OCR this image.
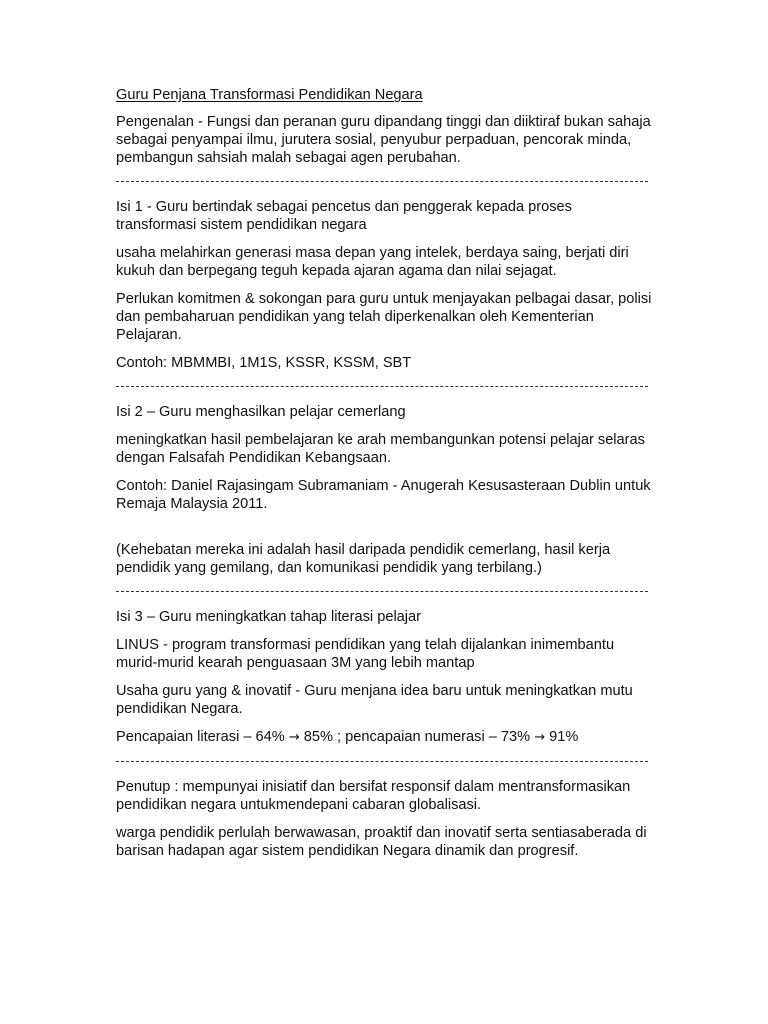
Guru Penjana Transformasi Pendidikan Negara

Pengenalan - Fungsi dan peranan guru dipandang tinggi dan diiktiraf bukan sahaja sebagai penyampai ilmu, jurutera sosial, penyubur perpaduan, pencorak minda, pembangun sahsiah malah sebagai agen perubahan.

Isi 1 - Guru bertindak sebagai pencetus dan penggerak kepada proses transformasi sistem pendidikan negara

usaha melahirkan generasi masa depan yang intelek, berdaya saing, berjati diri kukuh dan berpegang teguh kepada ajaran agama dan nilai sejagat.

Perlukan komitmen & sokongan para guru untuk menjayakan pelbagai dasar, polisi dan pembaharuan pendidikan yang telah diperkenalkan oleh Kementerian Pelajaran.

Contoh: MBMMBI, 1M1S, KSSR, KSSM, SBT

Isi 2 – Guru menghasilkan pelajar cemerlang

meningkatkan hasil pembelajaran ke arah membangunkan potensi pelajar selaras dengan Falsafah Pendidikan Kebangsaan.

Contoh: Daniel Rajasingam Subramaniam - Anugerah Kesusasteraan Dublin untuk Remaja Malaysia 2011.

(Kehebatan mereka ini adalah hasil daripada pendidik cemerlang, hasil kerja pendidik yang gemilang, dan komunikasi pendidik yang terbilang.)

Isi 3 – Guru meningkatkan tahap literasi pelajar

LINUS - program transformasi pendidikan yang telah dijalankan inimembantu murid-murid kearah penguasaan 3M yang lebih mantap

Usaha guru yang & inovatif - Guru menjana idea baru untuk meningkatkan mutu pendidikan Negara.

Pencapaian literasi – 64% → 85% ; pencapaian numerasi – 73% → 91%

Penutup : mempunyai inisiatif dan bersifat responsif dalam mentransformasikan pendidikan negara untukmendepani cabaran globalisasi.

warga pendidik perlulah berwawasan, proaktif dan inovatif serta sentiasaberada di barisan hadapan agar sistem pendidikan Negara dinamik dan progresif.
